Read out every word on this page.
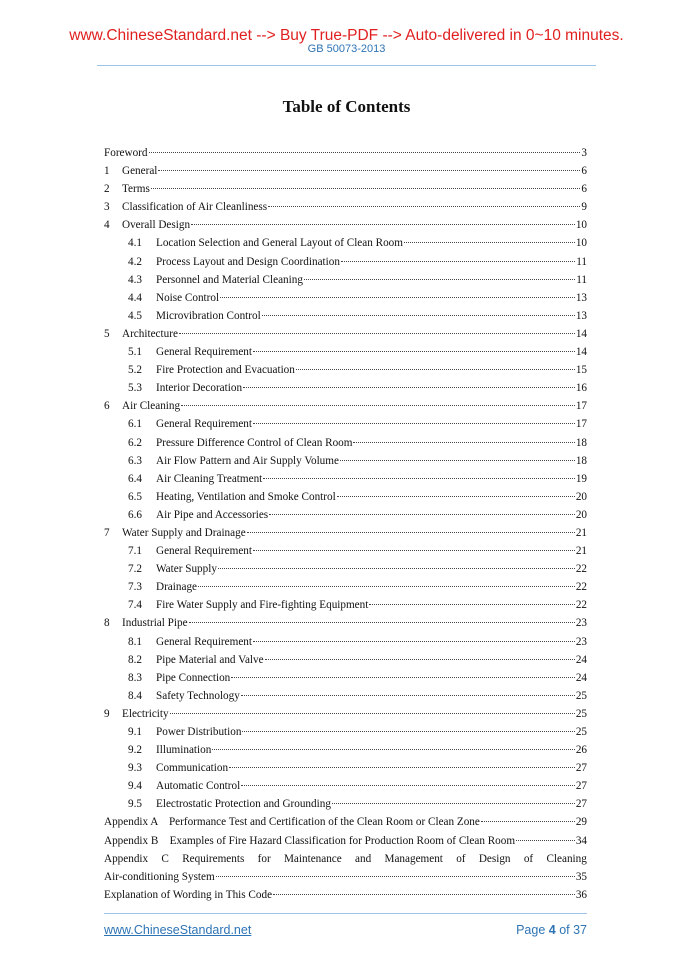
www.ChineseStandard.net --> Buy True-PDF --> Auto-delivered in 0~10 minutes.
GB 50073-2013
Table of Contents
Foreword	3
1	General	6
2	Terms	6
3	Classification of Air Cleanliness	9
4	Overall Design	10
4.1	Location Selection and General Layout of Clean Room	10
4.2	Process Layout and Design Coordination	11
4.3	Personnel and Material Cleaning	11
4.4	Noise Control	13
4.5	Microvibration Control	13
5	Architecture	14
5.1	General Requirement	14
5.2	Fire Protection and Evacuation	15
5.3	Interior Decoration	16
6	Air Cleaning	17
6.1	General Requirement	17
6.2	Pressure Difference Control of Clean Room	18
6.3	Air Flow Pattern and Air Supply Volume	18
6.4	Air Cleaning Treatment	19
6.5	Heating, Ventilation and Smoke Control	20
6.6	Air Pipe and Accessories	20
7	Water Supply and Drainage	21
7.1	General Requirement	21
7.2	Water Supply	22
7.3	Drainage	22
7.4	Fire Water Supply and Fire-fighting Equipment	22
8	Industrial Pipe	23
8.1	General Requirement	23
8.2	Pipe Material and Valve	24
8.3	Pipe Connection	24
8.4	Safety Technology	25
9	Electricity	25
9.1	Power Distribution	25
9.2	Illumination	26
9.3	Communication	27
9.4	Automatic Control	27
9.5	Electrostatic Protection and Grounding	27
Appendix A    Performance Test and Certification of the Clean Room or Clean Zone	29
Appendix B    Examples of Fire Hazard Classification for Production Room of Clean Room	34
Appendix C Requirements for Maintenance and Management of Design of Cleaning
Air-conditioning System	35
Explanation of Wording in This Code	36
www.ChineseStandard.net	Page 4 of 37
